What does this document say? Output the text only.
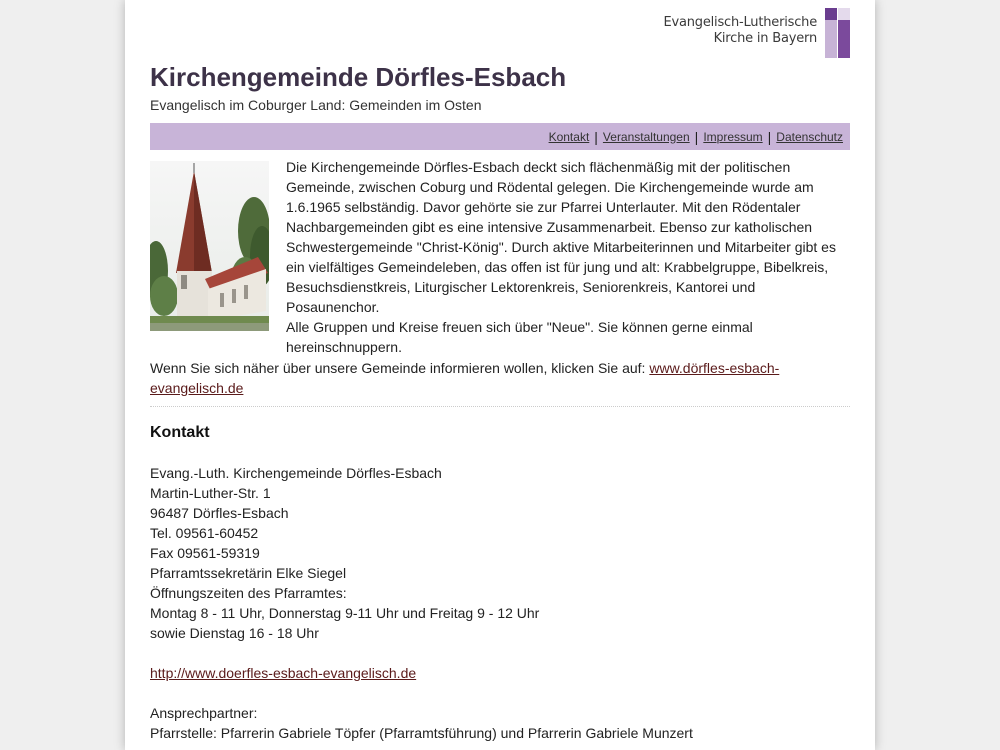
Evangelisch-Lutherische
Kirche in Bayern
Kirchengemeinde Dörfles-Esbach
Evangelisch im Coburger Land: Gemeinden im Osten
Kontakt | Veranstaltungen | Impressum | Datenschutz

Die Kirchengemeinde Dörfles-Esbach deckt sich flächenmäßig mit der politischen Gemeinde, zwischen Coburg und Rödental gelegen. Die Kirchengemeinde wurde am 1.6.1965 selbständig. Davor gehörte sie zur Pfarrei Unterlauter. Mit den Rödentaler Nachbargemeinden gibt es eine intensive Zusammenarbeit. Ebenso zur katholischen Schwestergemeinde "Christ-König". Durch aktive Mitarbeiterinnen und Mitarbeiter gibt es ein vielfältiges Gemeindeleben, das offen ist für jung und alt: Krabbelgruppe, Bibelkreis, Besuchsdienstkreis, Liturgischer Lektorenkreis, Seniorenkreis, Kantorei und Posaunenchor.

Alle Gruppen und Kreise freuen sich über "Neue". Sie können gerne einmal hereinschnuppern.

Wenn Sie sich näher über unsere Gemeinde informieren wollen, klicken Sie auf: www.dörfles-esbach-evangelisch.de
Kontakt
Evang.-Luth. Kirchengemeinde Dörfles-Esbach
Martin-Luther-Str. 1
96487 Dörfles-Esbach
Tel. 09561-60452
Fax 09561-59319
Pfarramtssekretärin Elke Siegel
Öffnungszeiten des Pfarramtes:
Montag 8 - 11 Uhr, Donnerstag 9-11 Uhr und Freitag 9 - 12 Uhr
sowie Dienstag 16 - 18 Uhr
http://www.doerfles-esbach-evangelisch.de
Ansprechpartner:
Pfarrstelle: Pfarrerin Gabriele Töpfer (Pfarramtsführung) und Pfarrerin Gabriele Munzert
